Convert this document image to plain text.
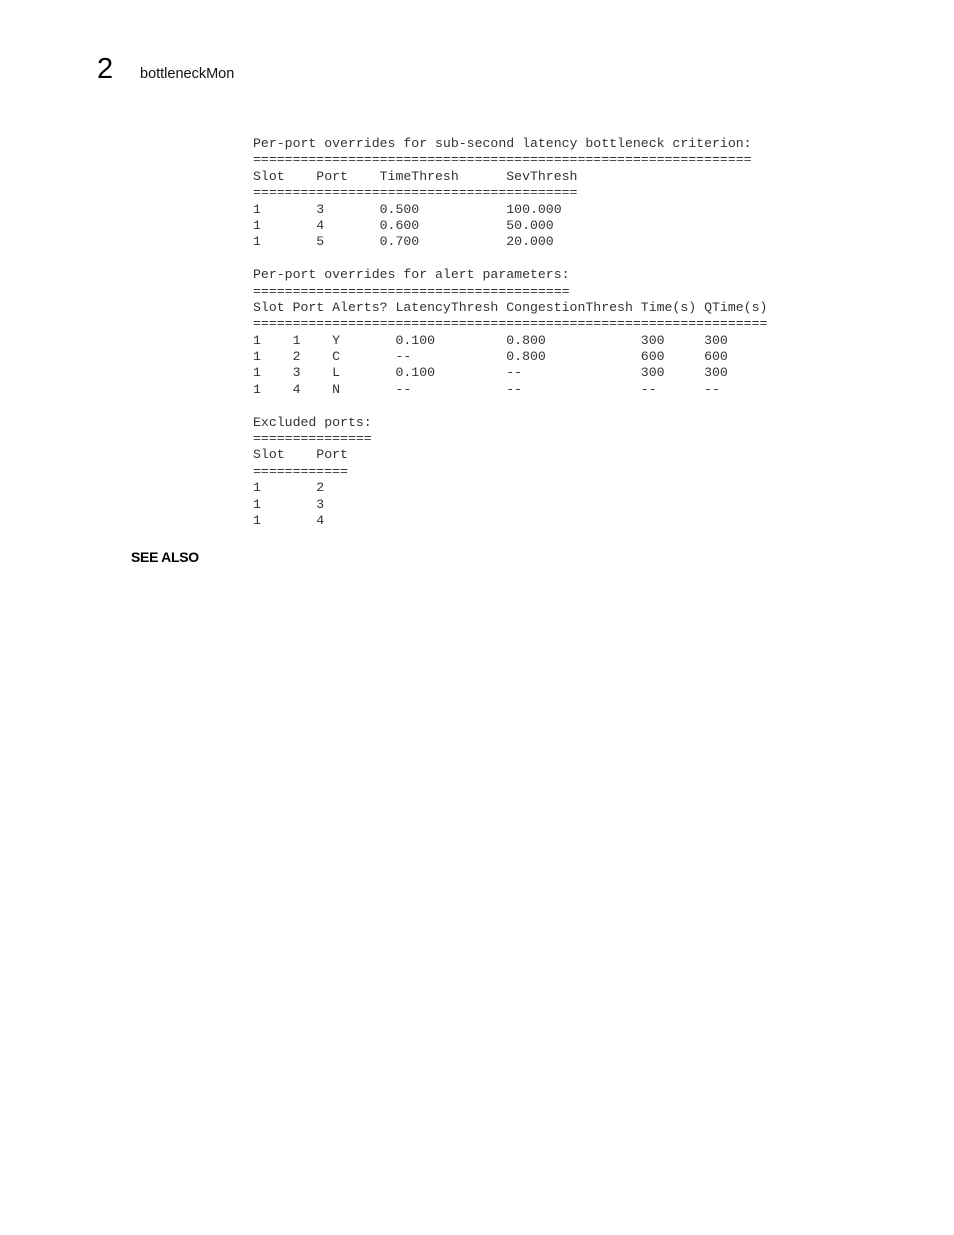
2 bottleneckMon
Per-port overrides for sub-second latency bottleneck criterion:
===============================================================
Slot    Port    TimeThresh      SevThresh
=========================================
1       3       0.500           100.000
1       4       0.600           50.000
1       5       0.700           20.000
Per-port overrides for alert parameters:
========================================
Slot Port Alerts? LatencyThresh CongestionThresh Time(s) QTime(s)
=================================================================
1    1    Y       0.100         0.800            300     300
1    2    C       --            0.800            600     600
1    3    L       0.100         --               300     300
1    4    N       --            --               --      --
Excluded ports:
===============
Slot    Port
============
1       2
1       3
1       4
SEE ALSO
